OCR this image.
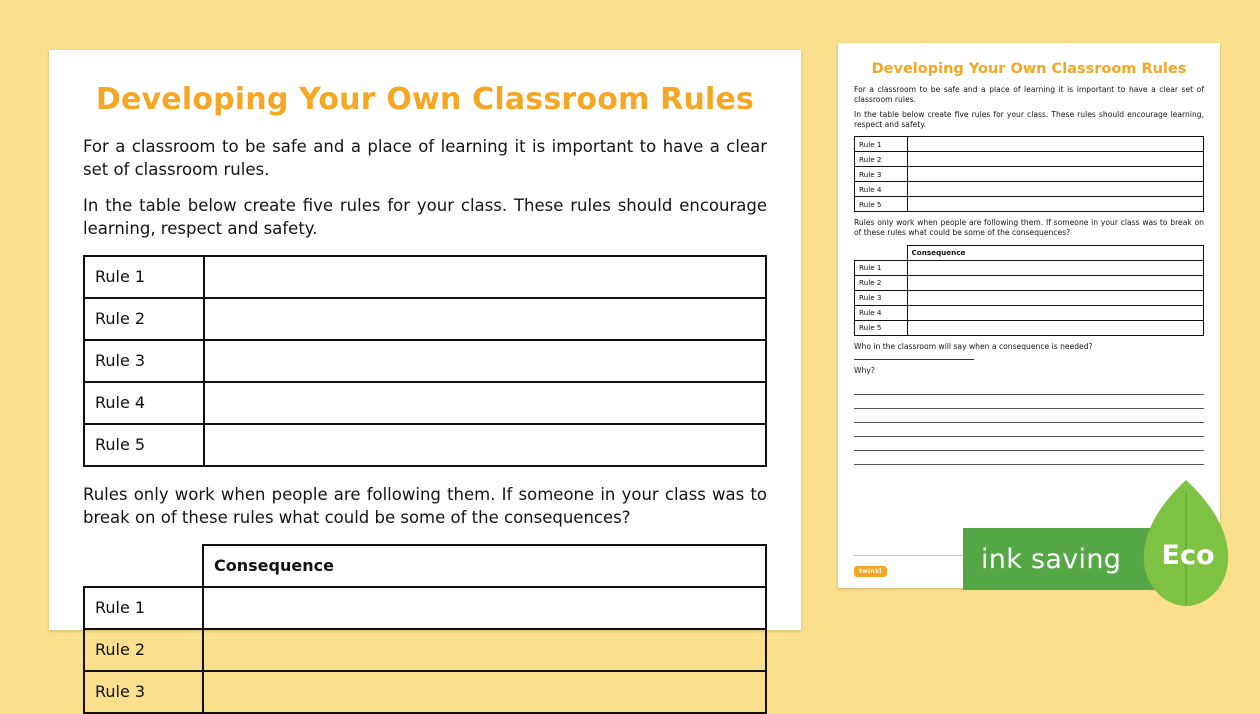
Developing Your Own Classroom Rules

For a classroom to be safe and a place of learning it is important to have a clear set of classroom rules.

In the table below create five rules for your class. These rules should encourage learning, respect and safety.

Rule 1	
Rule 2	
Rule 3	
Rule 4	
Rule 5	

Rules only work when people are following them. If someone in your class was to break on of these rules what could be some of the consequences?

	Consequence
Rule 1	
Rule 2	
Rule 3	
Developing Your Own Classroom Rules

For a classroom to be safe and a place of learning it is important to have a clear set of classroom rules.

In the table below create five rules for your class. These rules should encourage learning, respect and safety.

Rule 1	
Rule 2	
Rule 3	
Rule 4	
Rule 5	

Rules only work when people are following them. If someone in your class was to break on of these rules what could be some of the consequences?

	Consequence
Rule 1	
Rule 2	
Rule 3	
Rule 4	
Rule 5	
Who in the classroom will say when a consequence is needed?
Why?
twinkl	ink saving	Eco
